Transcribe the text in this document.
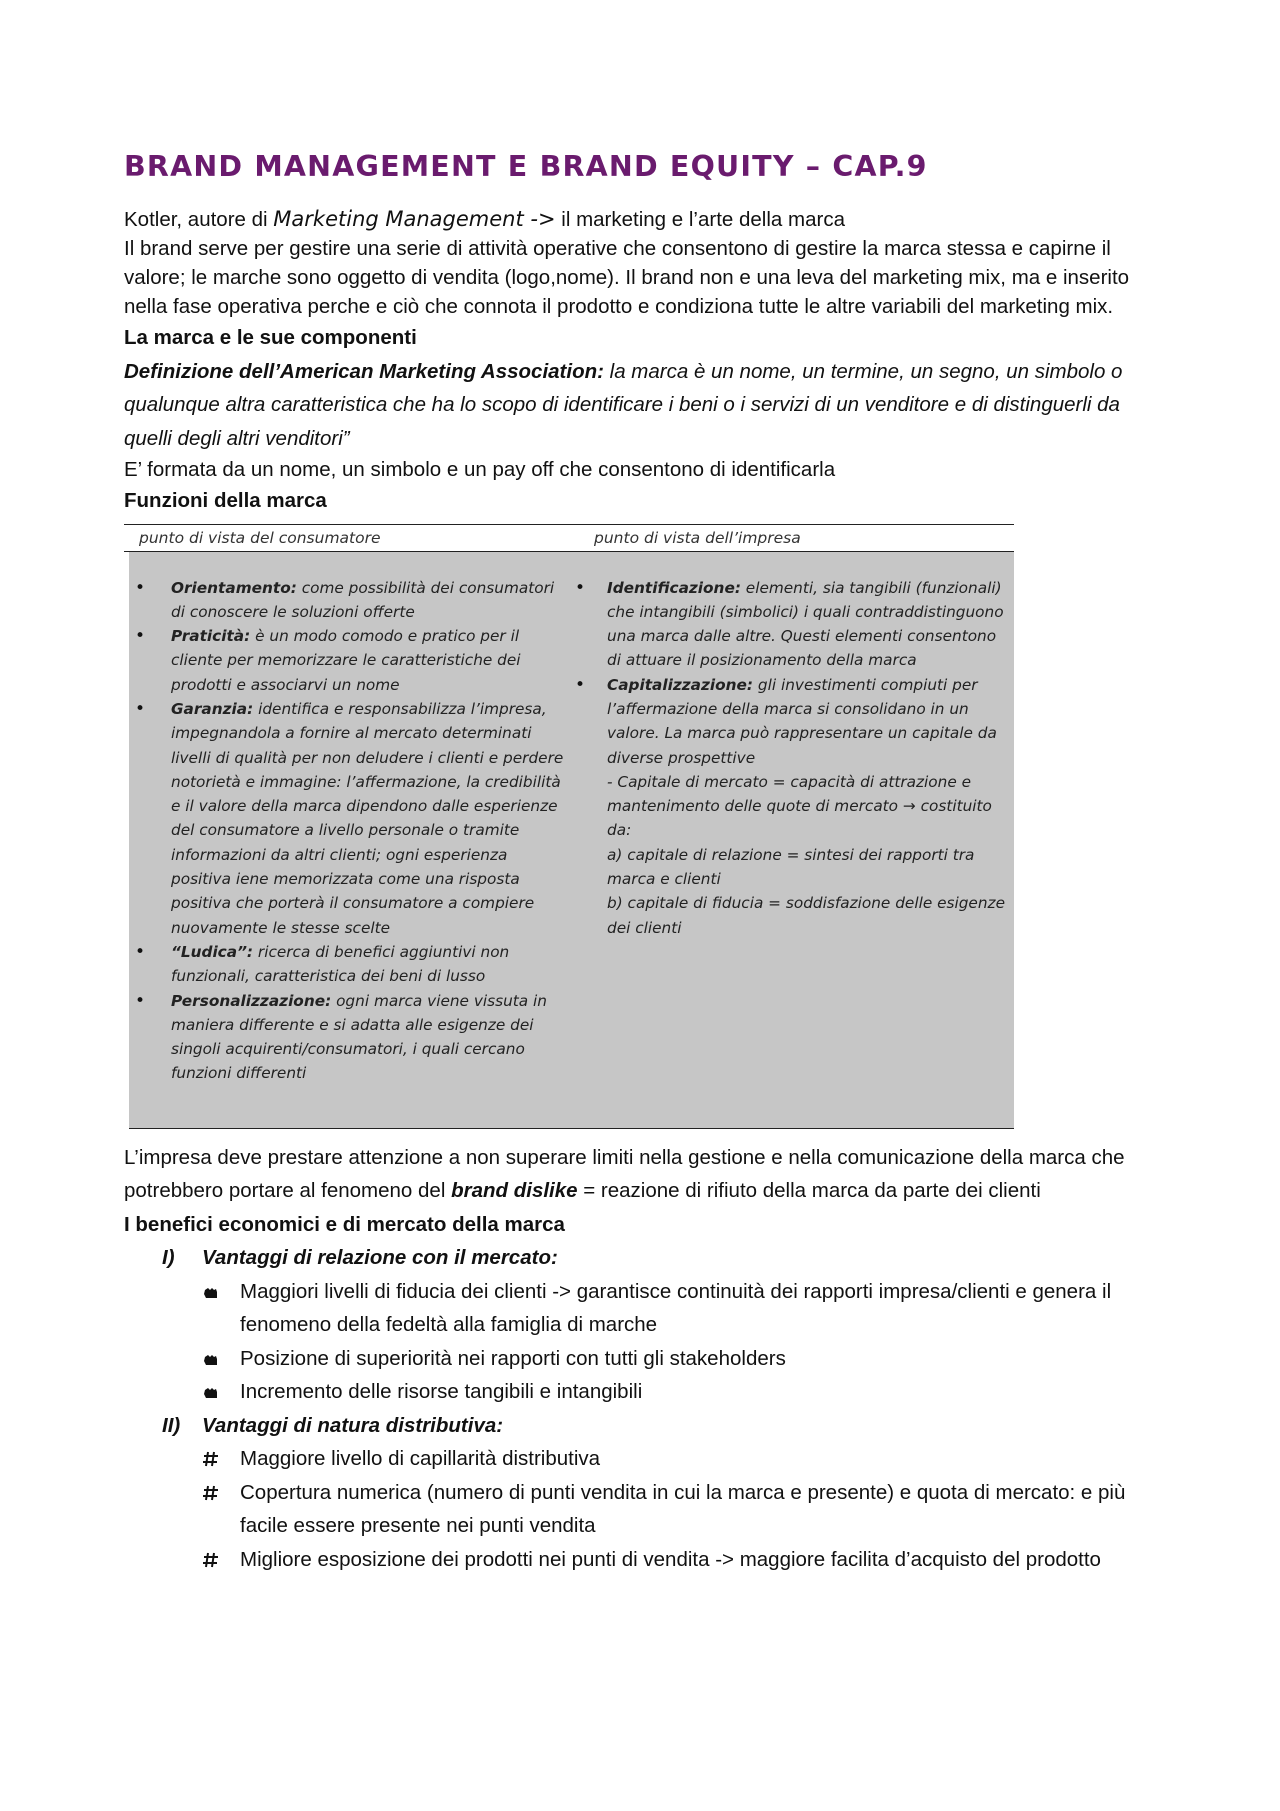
BRAND MANAGEMENT E BRAND EQUITY – CAP.9

Kotler, autore di Marketing Management -> il marketing e l’arte della marca

Il brand serve per gestire una serie di attività operative che consentono di gestire la marca stessa e capirne il valore; le marche sono oggetto di vendita (logo,nome). Il brand non e una leva del marketing mix, ma e inserito nella fase operativa perche e ciò che connota il prodotto e condiziona tutte le altre variabili del marketing mix.

La marca e le sue componenti

Definizione dell’American Marketing Association: la marca è un nome, un termine, un segno, un simbolo o qualunque altra caratteristica che ha lo scopo di identificare i beni o i servizi di un venditore e di distinguerli da quelli degli altri venditori”

E’ formata da un nome, un simbolo e un pay off che consentono di identificarla

Funzioni della marca

punto di vista del consumatore	punto di vista dell’impresa
• Orientamento: come possibilità dei consumatori di conoscere le soluzioni offerte
• Praticità: è un modo comodo e pratico per il cliente per memorizzare le caratteristiche dei prodotti e associarvi un nome
• Garanzia: identifica e responsabilizza l’impresa, impegnandola a fornire al mercato determinati livelli di qualità per non deludere i clienti e perdere notorietà e immagine: l’affermazione, la credibilità e il valore della marca dipendono dalle esperienze del consumatore a livello personale o tramite informazioni da altri clienti; ogni esperienza positiva iene memorizzata come una risposta positiva che porterà il consumatore a compiere nuovamente le stesse scelte
• “Ludica”: ricerca di benefici aggiuntivi non funzionali, caratteristica dei beni di lusso
• Personalizzazione: ogni marca viene vissuta in maniera differente e si adatta alle esigenze dei singoli acquirenti/consumatori, i quali cercano funzioni differenti
• Identificazione: elementi, sia tangibili (funzionali) che intangibili (simbolici) i quali contraddistinguono una marca dalle altre. Questi elementi consentono di attuare il posizionamento della marca
• Capitalizzazione: gli investimenti compiuti per l’affermazione della marca si consolidano in un valore. La marca può rappresentare un capitale da diverse prospettive
- Capitale di mercato = capacità di attrazione e mantenimento delle quote di mercato → costituito da:
a) capitale di relazione = sintesi dei rapporti tra marca e clienti
b) capitale di fiducia = soddisfazione delle esigenze dei clienti

L’impresa deve prestare attenzione a non superare limiti nella gestione e nella comunicazione della marca che potrebbero portare al fenomeno del brand dislike = reazione di rifiuto della marca da parte dei clienti

I benefici economici e di mercato della marca

I) Vantaggi di relazione con il mercato:
Maggiori livelli di fiducia dei clienti -> garantisce continuità dei rapporti impresa/clienti e genera il fenomeno della fedeltà alla famiglia di marche
Posizione di superiorità nei rapporti con tutti gli stakeholders
Incremento delle risorse tangibili e intangibili
II) Vantaggi di natura distributiva:
Maggiore livello di capillarità distributiva
Copertura numerica (numero di punti vendita in cui la marca e presente) e quota di mercato: e più facile essere presente nei punti vendita
Migliore esposizione dei prodotti nei punti di vendita -> maggiore facilita d’acquisto del prodotto
